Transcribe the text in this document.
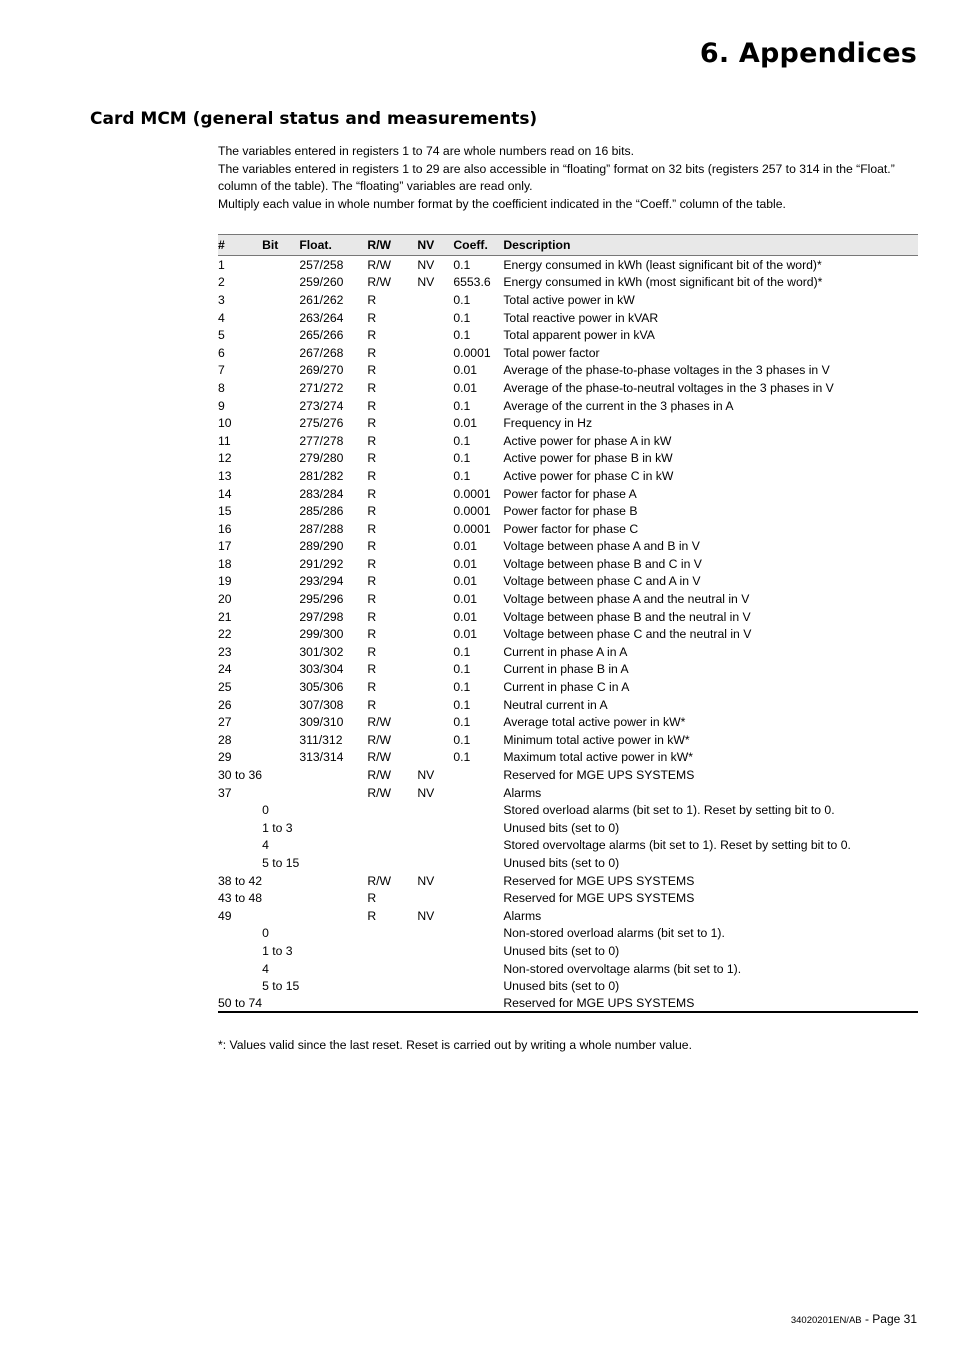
6. Appendices
Card MCM (general status and measurements)

The variables entered in registers 1 to 74 are whole numbers read on 16 bits.

The variables entered in registers 1 to 29 are also accessible in “floating” format on 32 bits (registers 257 to 314 in the “Float.” column of the table). The “floating” variables are read only.

Multiply each value in whole number format by the coefficient indicated in the “Coeff.” column of the table.

#	Bit	Float.	R/W	NV	Coeff.	Description
1		257/258	R/W	NV	0.1	Energy consumed in kWh (least significant bit of the word)*
2		259/260	R/W	NV	6553.6	Energy consumed in kWh (most significant bit of the word)*
3		261/262	R		0.1	Total active power in kW
4		263/264	R		0.1	Total reactive power in kVAR
5		265/266	R		0.1	Total apparent power in kVA
6		267/268	R		0.0001	Total power factor
7		269/270	R		0.01	Average of the phase-to-phase voltages in the 3 phases in V
8		271/272	R		0.01	Average of the phase-to-neutral voltages in the 3 phases in V
9		273/274	R		0.1	Average of the current in the 3 phases in A
10		275/276	R		0.01	Frequency in Hz
11		277/278	R		0.1	Active power for phase A in kW
12		279/280	R		0.1	Active power for phase B in kW
13		281/282	R		0.1	Active power for phase C in kW
14		283/284	R		0.0001	Power factor for phase A
15		285/286	R		0.0001	Power factor for phase B
16		287/288	R		0.0001	Power factor for phase C
17		289/290	R		0.01	Voltage between phase A and B in V
18		291/292	R		0.01	Voltage between phase B and C in V
19		293/294	R		0.01	Voltage between phase C and A in V
20		295/296	R		0.01	Voltage between phase A and the neutral in V
21		297/298	R		0.01	Voltage between phase B and the neutral in V
22		299/300	R		0.01	Voltage between phase C and the neutral in V
23		301/302	R		0.1	Current in phase A in A
24		303/304	R		0.1	Current in phase B in A
25		305/306	R		0.1	Current in phase C in A
26		307/308	R		0.1	Neutral current in A
27		309/310	R/W		0.1	Average total active power in kW*
28		311/312	R/W		0.1	Minimum total active power in kW*
29		313/314	R/W		0.1	Maximum total active power in kW*
30 to 36			R/W	NV		Reserved for MGE UPS SYSTEMS
37			R/W	NV		Alarms
	0					Stored overload alarms (bit set to 1). Reset by setting bit to 0.
	1 to 3					Unused bits (set to 0)
	4					Stored overvoltage alarms (bit set to 1). Reset by setting bit to 0.
	5 to 15					Unused bits (set to 0)
38 to 42			R/W	NV		Reserved for MGE UPS SYSTEMS
43 to 48			R			Reserved for MGE UPS SYSTEMS
49			R	NV		Alarms
	0					Non-stored overload alarms (bit set to 1).
	1 to 3					Unused bits (set to 0)
	4					Non-stored overvoltage alarms (bit set to 1).
	5 to 15					Unused bits (set to 0)
50 to 74						Reserved for MGE UPS SYSTEMS

*: Values valid since the last reset. Reset is carried out by writing a whole number value.

34020201EN/AB - Page 31
